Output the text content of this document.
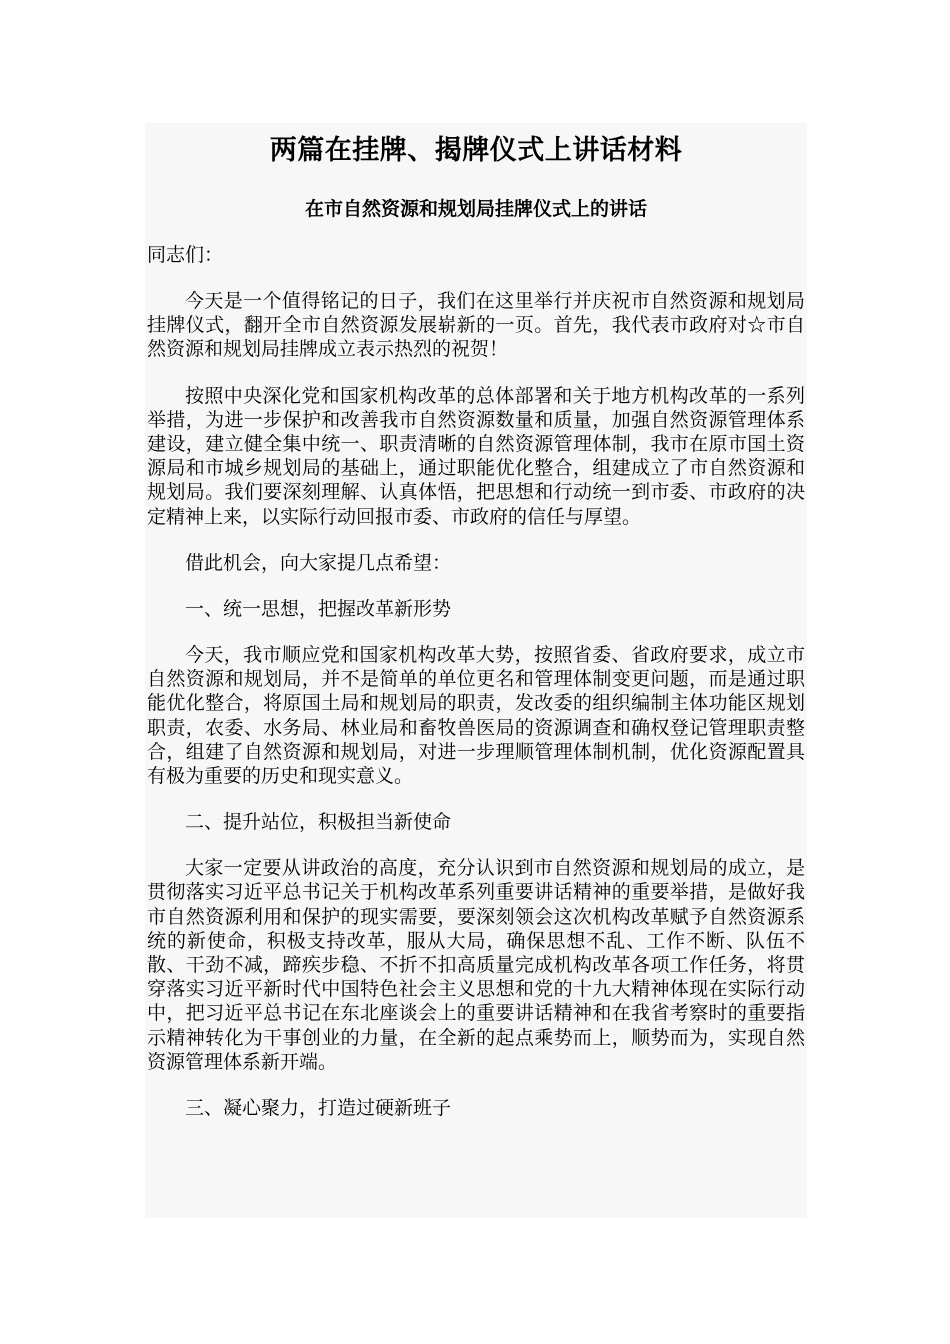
两篇在挂牌、揭牌仪式上讲话材料
在市自然资源和规划局挂牌仪式上的讲话

同志们：

今天是一个值得铭记的日子，我们在这里举行并庆祝市自然资源和规划局挂牌仪式，翻开全市自然资源发展崭新的一页。首先，我代表市政府对☆市自然资源和规划局挂牌成立表示热烈的祝贺！

按照中央深化党和国家机构改革的总体部署和关于地方机构改革的一系列举措，为进一步保护和改善我市自然资源数量和质量，加强自然资源管理体系建设，建立健全集中统一、职责清晰的自然资源管理体制，我市在原市国土资源局和市城乡规划局的基础上，通过职能优化整合，组建成立了市自然资源和规划局。我们要深刻理解、认真体悟，把思想和行动统一到市委、市政府的决定精神上来，以实际行动回报市委、市政府的信任与厚望。

借此机会，向大家提几点希望：

一、统一思想，把握改革新形势

今天，我市顺应党和国家机构改革大势，按照省委、省政府要求，成立市自然资源和规划局，并不是简单的单位更名和管理体制变更问题，而是通过职能优化整合，将原国土局和规划局的职责，发改委的组织编制主体功能区规划职责，农委、水务局、林业局和畜牧兽医局的资源调查和确权登记管理职责整合，组建了自然资源和规划局，对进一步理顺管理体制机制，优化资源配置具有极为重要的历史和现实意义。

二、提升站位，积极担当新使命

大家一定要从讲政治的高度，充分认识到市自然资源和规划局的成立，是贯彻落实习近平总书记关于机构改革系列重要讲话精神的重要举措，是做好我市自然资源利用和保护的现实需要，要深刻领会这次机构改革赋予自然资源系统的新使命，积极支持改革，服从大局，确保思想不乱、工作不断、队伍不散、干劲不减，蹄疾步稳、不折不扣高质量完成机构改革各项工作任务，将贯穿落实习近平新时代中国特色社会主义思想和党的十九大精神体现在实际行动中，把习近平总书记在东北座谈会上的重要讲话精神和在我省考察时的重要指示精神转化为干事创业的力量，在全新的起点乘势而上，顺势而为，实现自然资源管理体系新开端。

三、凝心聚力，打造过硬新班子
